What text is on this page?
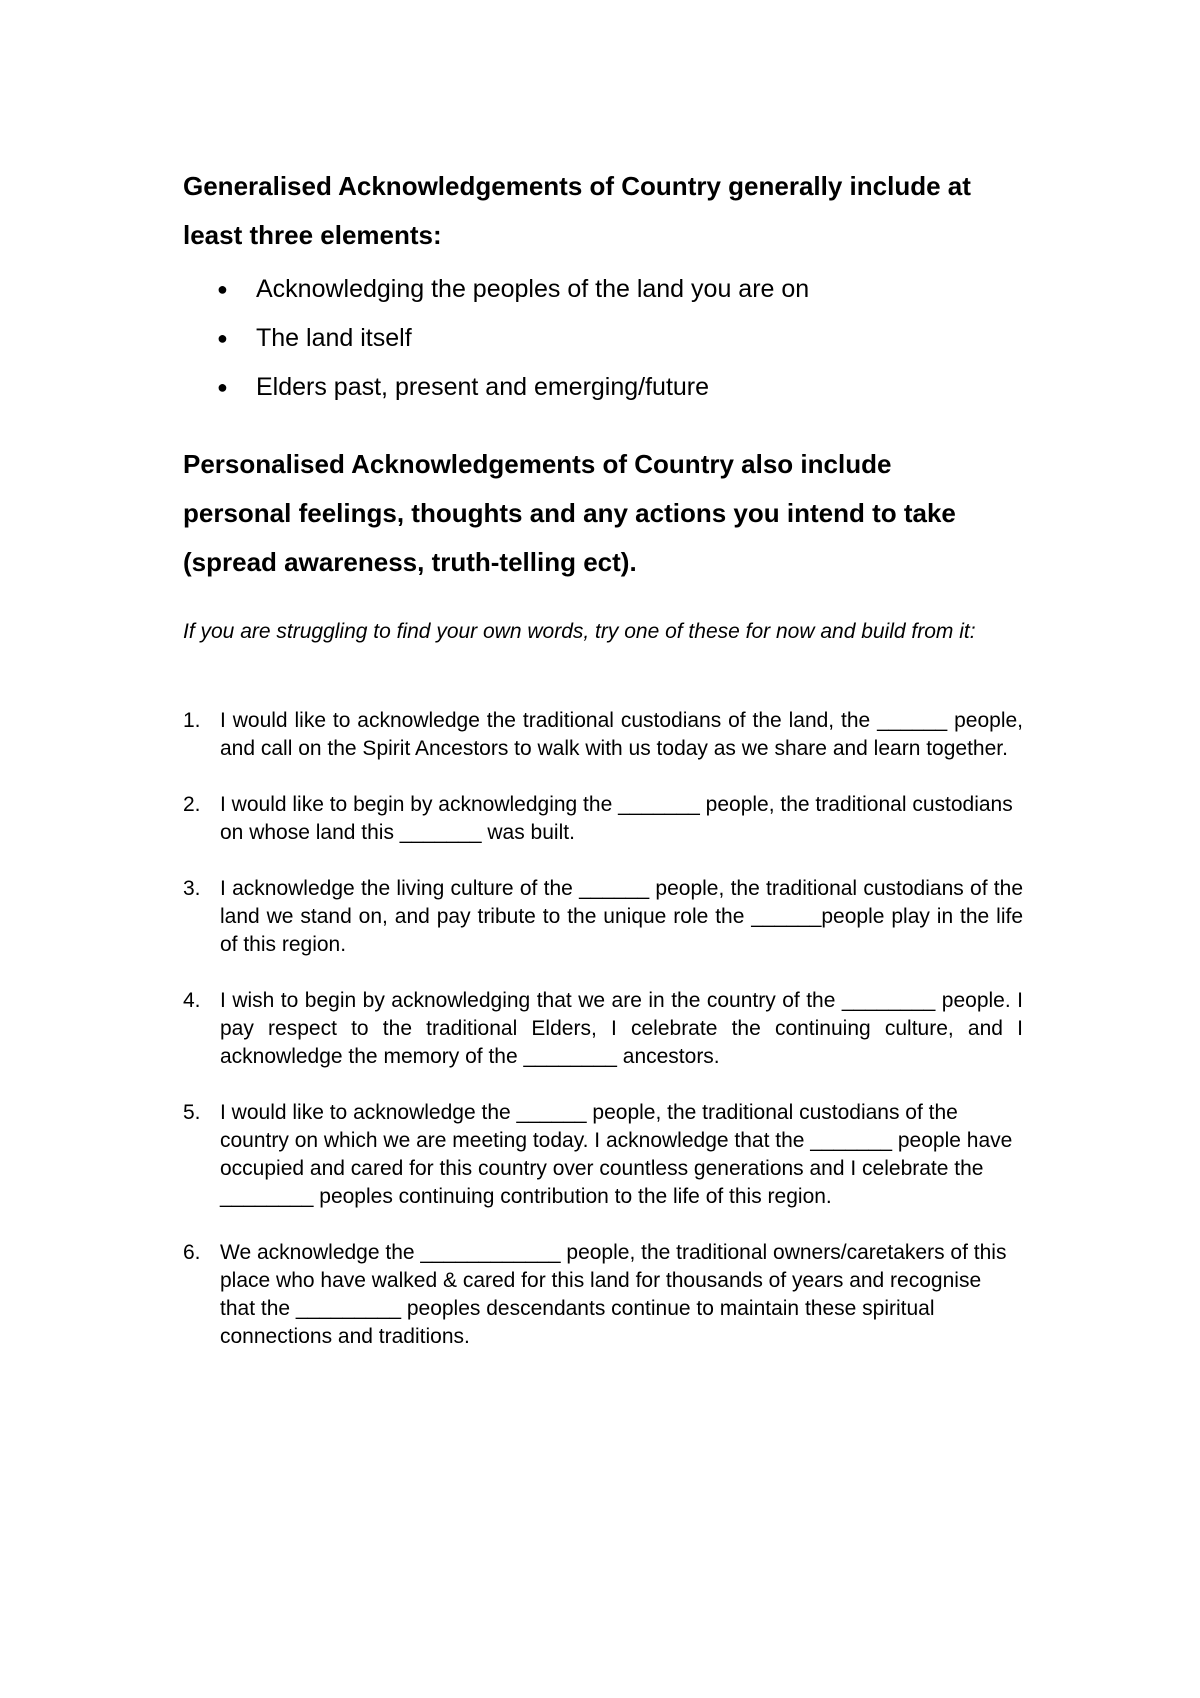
Generalised Acknowledgements of Country generally include at least three elements:

● Acknowledging the peoples of the land you are on
● The land itself
● Elders past, present and emerging/future

Personalised Acknowledgements of Country also include personal feelings, thoughts and any actions you intend to take (spread awareness, truth-telling ect).

If you are struggling to find your own words, try one of these for now and build from it:

1. I would like to acknowledge the traditional custodians of the land, the ______ people, and call on the Spirit Ancestors to walk with us today as we share and learn together.
2. I would like to begin by acknowledging the _______ people, the traditional custodians on whose land this _______ was built.
3. I acknowledge the living culture of the ______ people, the traditional custodians of the land we stand on, and pay tribute to the unique role the ______people play in the life of this region.
4. I wish to begin by acknowledging that we are in the country of the ________ people. I pay respect to the traditional Elders, I celebrate the continuing culture, and I acknowledge the memory of the ________ ancestors.
5. I would like to acknowledge the ______ people, the traditional custodians of the country on which we are meeting today. I acknowledge that the _______ people have occupied and cared for this country over countless generations and I celebrate the ________ peoples continuing contribution to the life of this region.
6. We acknowledge the ____________ people, the traditional owners/caretakers of this place who have walked & cared for this land for thousands of years and recognise that the _________ peoples descendants continue to maintain these spiritual connections and traditions.
